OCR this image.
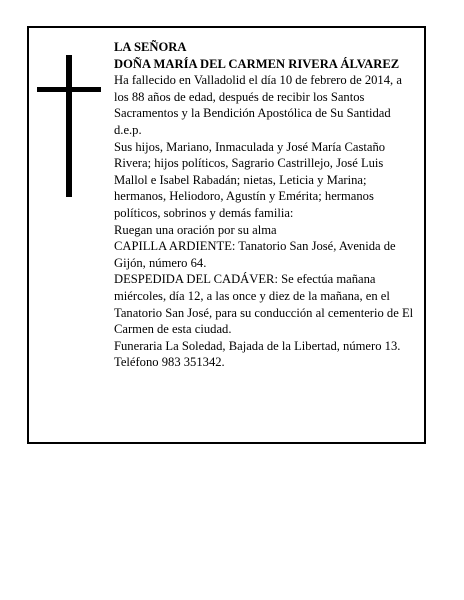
LA SEÑORA

DOÑA MARÍA DEL CARMEN RIVERA ÁLVAREZ

Ha fallecido en Valladolid el día 10 de febrero de 2014, a los 88 años de edad, después de recibir los Santos Sacramentos y la Bendición Apostólica de Su Santidad

d.e.p.

Sus hijos, Mariano, Inmaculada y José María Castaño Rivera; hijos políticos, Sagrario Castrillejo, José Luis Mallol e Isabel Rabadán; nietas, Leticia y Marina; hermanos, Heliodoro, Agustín y Emérita; hermanos políticos, sobrinos y demás familia:

Ruegan una oración por su alma

CAPILLA ARDIENTE: Tanatorio San José, Avenida de Gijón, número 64.

DESPEDIDA DEL CADÁVER: Se efectúa mañana miércoles, día 12, a las once y diez de la mañana, en el Tanatorio San José, para su conducción al cementerio de El Carmen de esta ciudad.

Funeraria La Soledad, Bajada de la Libertad, número 13. Teléfono 983 351342.
